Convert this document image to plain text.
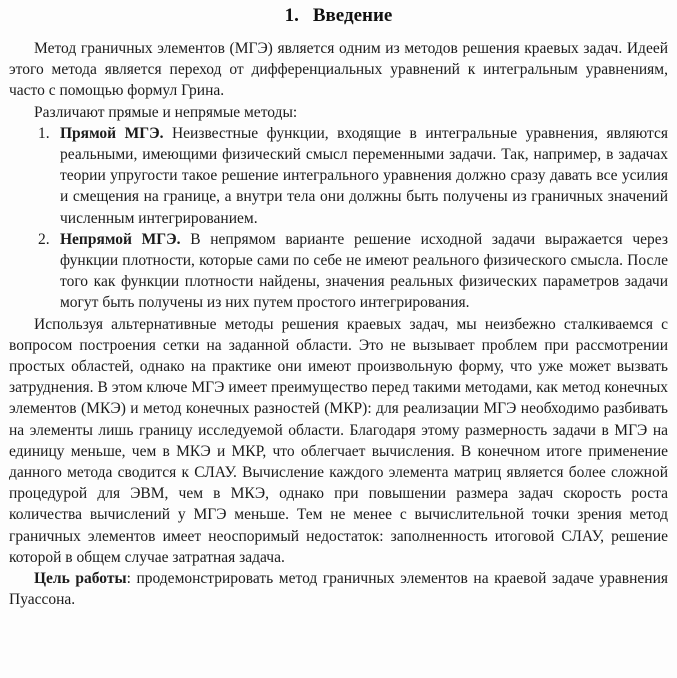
1. Введение

Метод граничных элементов (МГЭ) является одним из методов решения краевых задач. Идеей этого метода является переход от дифференциальных уравнений к интегральным уравнениям, часто с помощью формул Грина.

Различают прямые и непрямые методы:

1. Прямой МГЭ. Неизвестные функции, входящие в интегральные уравнения, являются реальными, имеющими физический смысл переменными задачи. Так, например, в задачах теории упругости такое решение интегрального уравнения должно сразу давать все усилия и смещения на границе, а внутри тела они должны быть получены из граничных значений численным интегрированием.
2. Непрямой МГЭ. В непрямом варианте решение исходной задачи выражается через функции плотности, которые сами по себе не имеют реального физического смысла. После того как функции плотности найдены, значения реальных физических параметров задачи могут быть получены из них путем простого интегрирования.

Используя альтернативные методы решения краевых задач, мы неизбежно сталкиваемся с вопросом построения сетки на заданной области. Это не вызывает проблем при рассмотрении простых областей, однако на практике они имеют произвольную форму, что уже может вызвать затруднения. В этом ключе МГЭ имеет преимущество перед такими методами, как метод конечных элементов (МКЭ) и метод конечных разностей (МКР): для реализации МГЭ необходимо разбивать на элементы лишь границу исследуемой области. Благодаря этому размерность задачи в МГЭ на единицу меньше, чем в МКЭ и МКР, что облегчает вычисления. В конечном итоге применение данного метода сводится к СЛАУ. Вычисление каждого элемента матриц является более сложной процедурой для ЭВМ, чем в МКЭ, однако при повышении размера задач скорость роста количества вычислений у МГЭ меньше. Тем не менее с вычислительной точки зрения метод граничных элементов имеет неоспоримый недостаток: заполненность итоговой СЛАУ, решение которой в общем случае затратная задача.

Цель работы: продемонстрировать метод граничных элементов на краевой задаче уравнения Пуассона.
